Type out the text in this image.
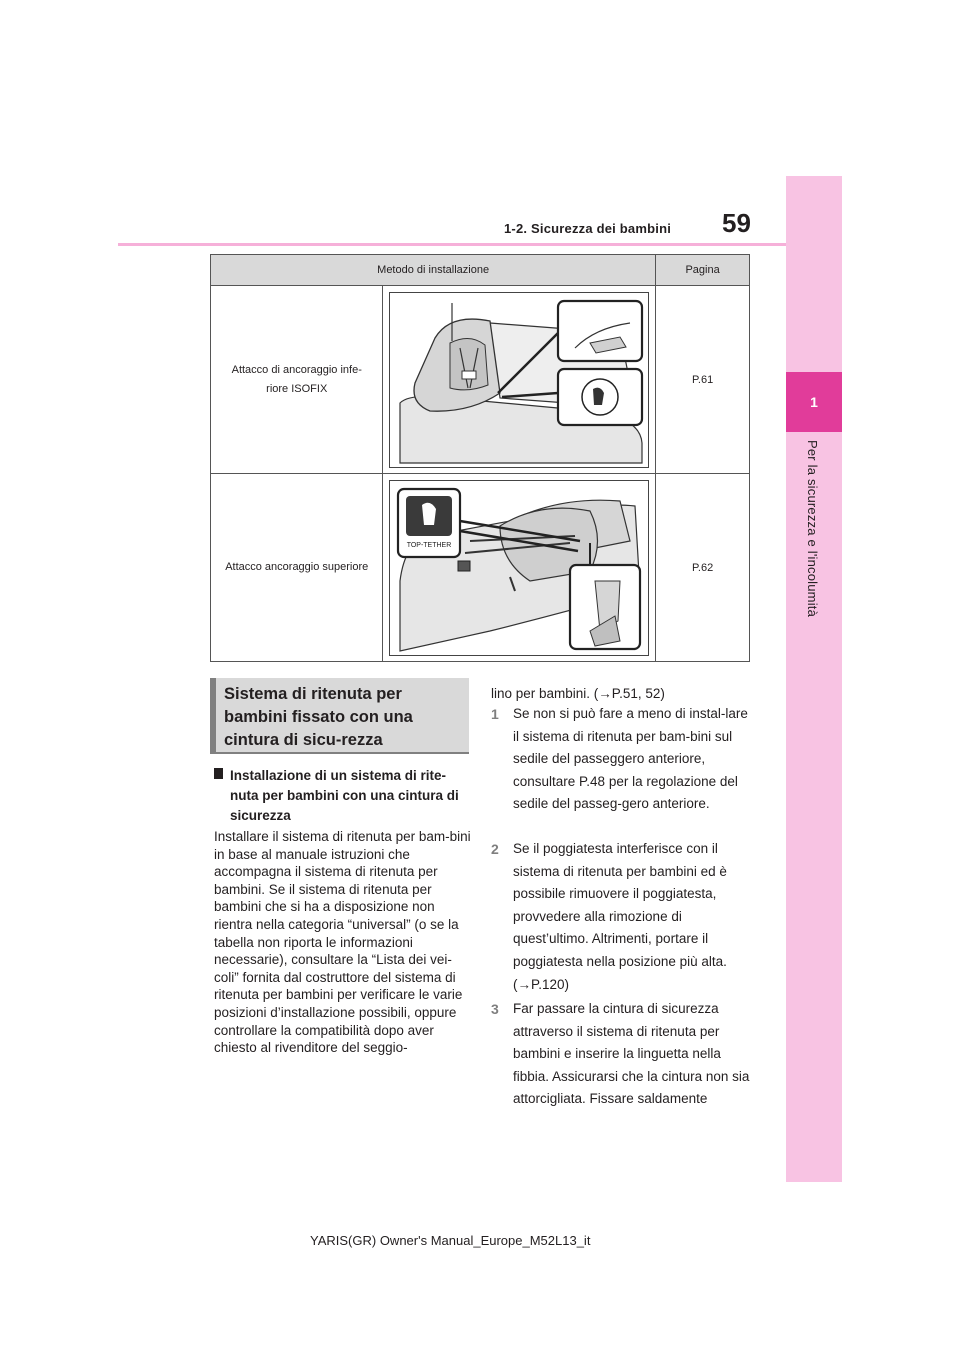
59
1-2. Sicurezza dei bambini
1
Per la sicurezza e l'incolumità
Metodo di installazione		Pagina
Attacco di ancoraggio infe-
riore ISOFIX		P.61
Attacco ancoraggio superiore	TOP-TETHER	P.62
Sistema di ritenuta per bambini fissato con una cintura di sicu-rezza
Installazione di un sistema di rite-nuta per bambini con una cintura di sicurezza
Installare il sistema di ritenuta per bam-bini in base al manuale istruzioni che accompagna il sistema di ritenuta per bambini. Se il sistema di ritenuta per bambini che si ha a disposizione non rientra nella categoria “universal” (o se la tabella non riporta le informazioni necessarie), consultare la “Lista dei vei-coli” fornita dal costruttore del sistema di ritenuta per bambini per verificare le varie posizioni d’installazione possibili, oppure controllare la compatibilità dopo aver chiesto al rivenditore del seggio-
lino per bambini. (→P.51, 52)
1 Se non si può fare a meno di instal-lare il sistema di ritenuta per bam-bini sul sedile del passeggero anteriore, consultare P.48 per la regolazione del sedile del passeg-gero anteriore.
2 Se il poggiatesta interferisce con il sistema di ritenuta per bambini ed è possibile rimuovere il poggiatesta, provvedere alla rimozione di quest’ultimo. Altrimenti, portare il poggiatesta nella posizione più alta. (→P.120)
3 Far passare la cintura di sicurezza attraverso il sistema di ritenuta per bambini e inserire la linguetta nella fibbia. Assicurarsi che la cintura non sia attorcigliata. Fissare saldamente
YARIS(GR) Owner's Manual_Europe_M52L13_it
